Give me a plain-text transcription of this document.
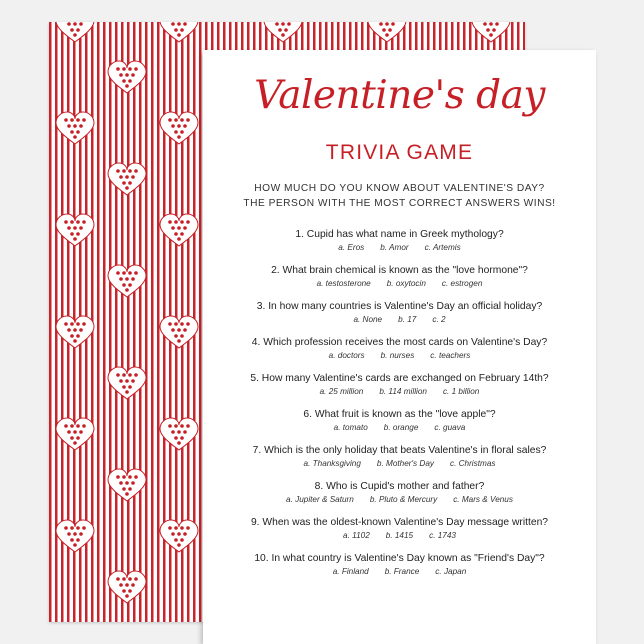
Valentine's day
TRIVIA GAME
HOW MUCH DO YOU KNOW ABOUT VALENTINE'S DAY?
THE PERSON WITH THE MOST CORRECT ANSWERS WINS!
1. Cupid has what name in Greek mythology?
a. Eros b. Amor c. Artemis
2. What brain chemical is known as the "love hormone"?
a. testosterone b. oxytocin c. estrogen
3. In how many countries is Valentine's Day an official holiday?
a. None b. 17 c. 2
4. Which profession receives the most cards on Valentine's Day?
a. doctors b. nurses c. teachers
5. How many Valentine's cards are exchanged on February 14th?
a. 25 million b. 114 million c. 1 billion
6. What fruit is known as the "love apple"?
a. tomato b. orange c. guava
7. Which is the only holiday that beats Valentine's in floral sales?
a. Thanksgiving b. Mother's Day c. Christmas
8. Who is Cupid's mother and father?
a. Jupiter & Saturn b. Pluto & Mercury c. Mars & Venus
9. When was the oldest-known Valentine's Day message written?
a. 1102 b. 1415 c. 1743
10. In what country is Valentine's Day known as "Friend's Day"?
a. Finland b. France c. Japan
